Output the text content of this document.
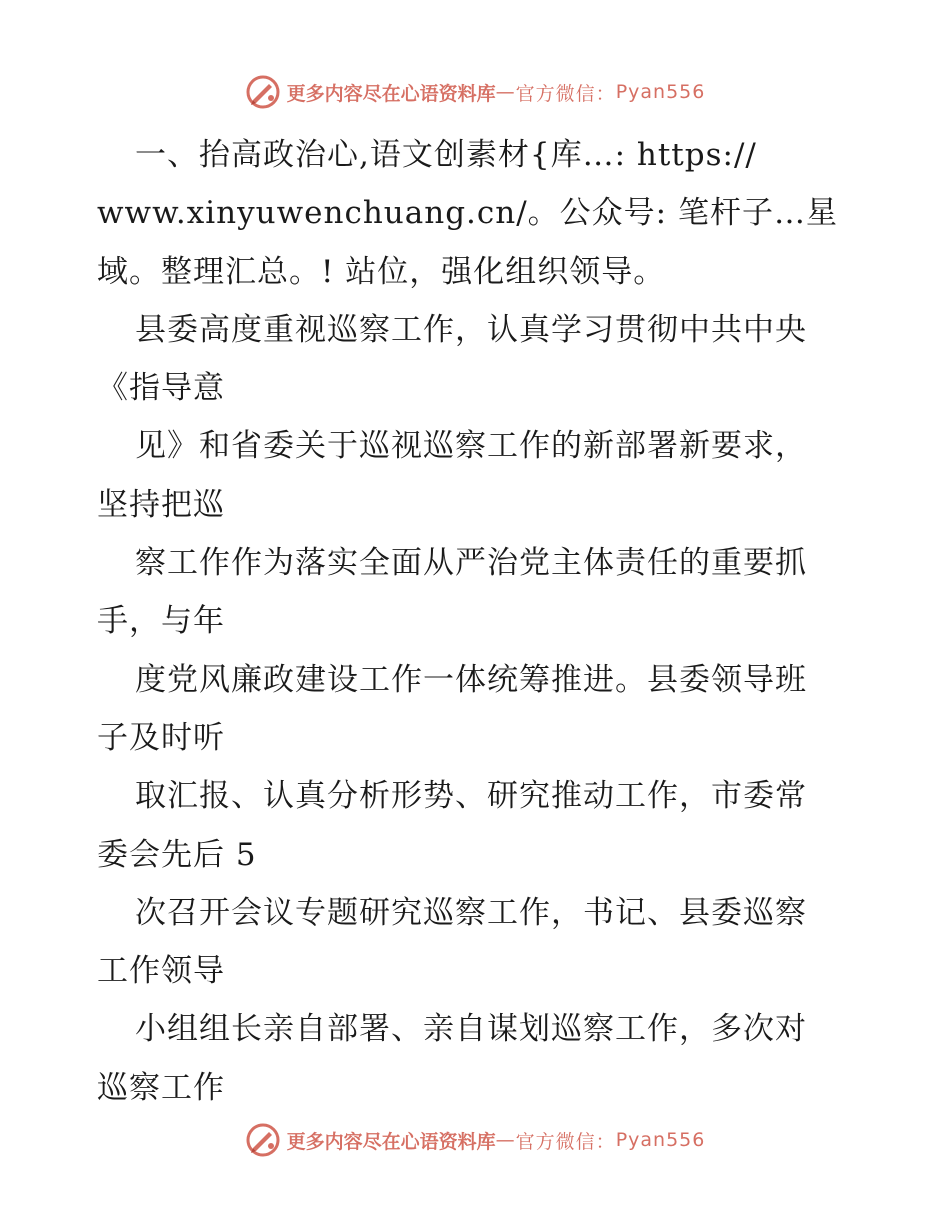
更多内容尽在心语资料库 — 官方微信： Pyan556
一、抬高政治心,语文创素材{库…: https://
www.xinyuwenchuang.cn/。公众号: 笔杆子…星
域。整理汇总。! 站位，强化组织领导。
县委高度重视巡察工作，认真学习贯彻中共中央
《指导意
见》和省委关于巡视巡察工作的新部署新要求，
坚持把巡
察工作作为落实全面从严治党主体责任的重要抓
手，与年
度党风廉政建设工作一体统筹推进。县委领导班
子及时听
取汇报、认真分析形势、研究推动工作，市委常
委会先后 5
次召开会议专题研究巡察工作，书记、县委巡察
工作领导
小组组长亲自部署、亲自谋划巡察工作，多次对
巡察工作
更多内容尽在心语资料库 — 官方微信： Pyan556
